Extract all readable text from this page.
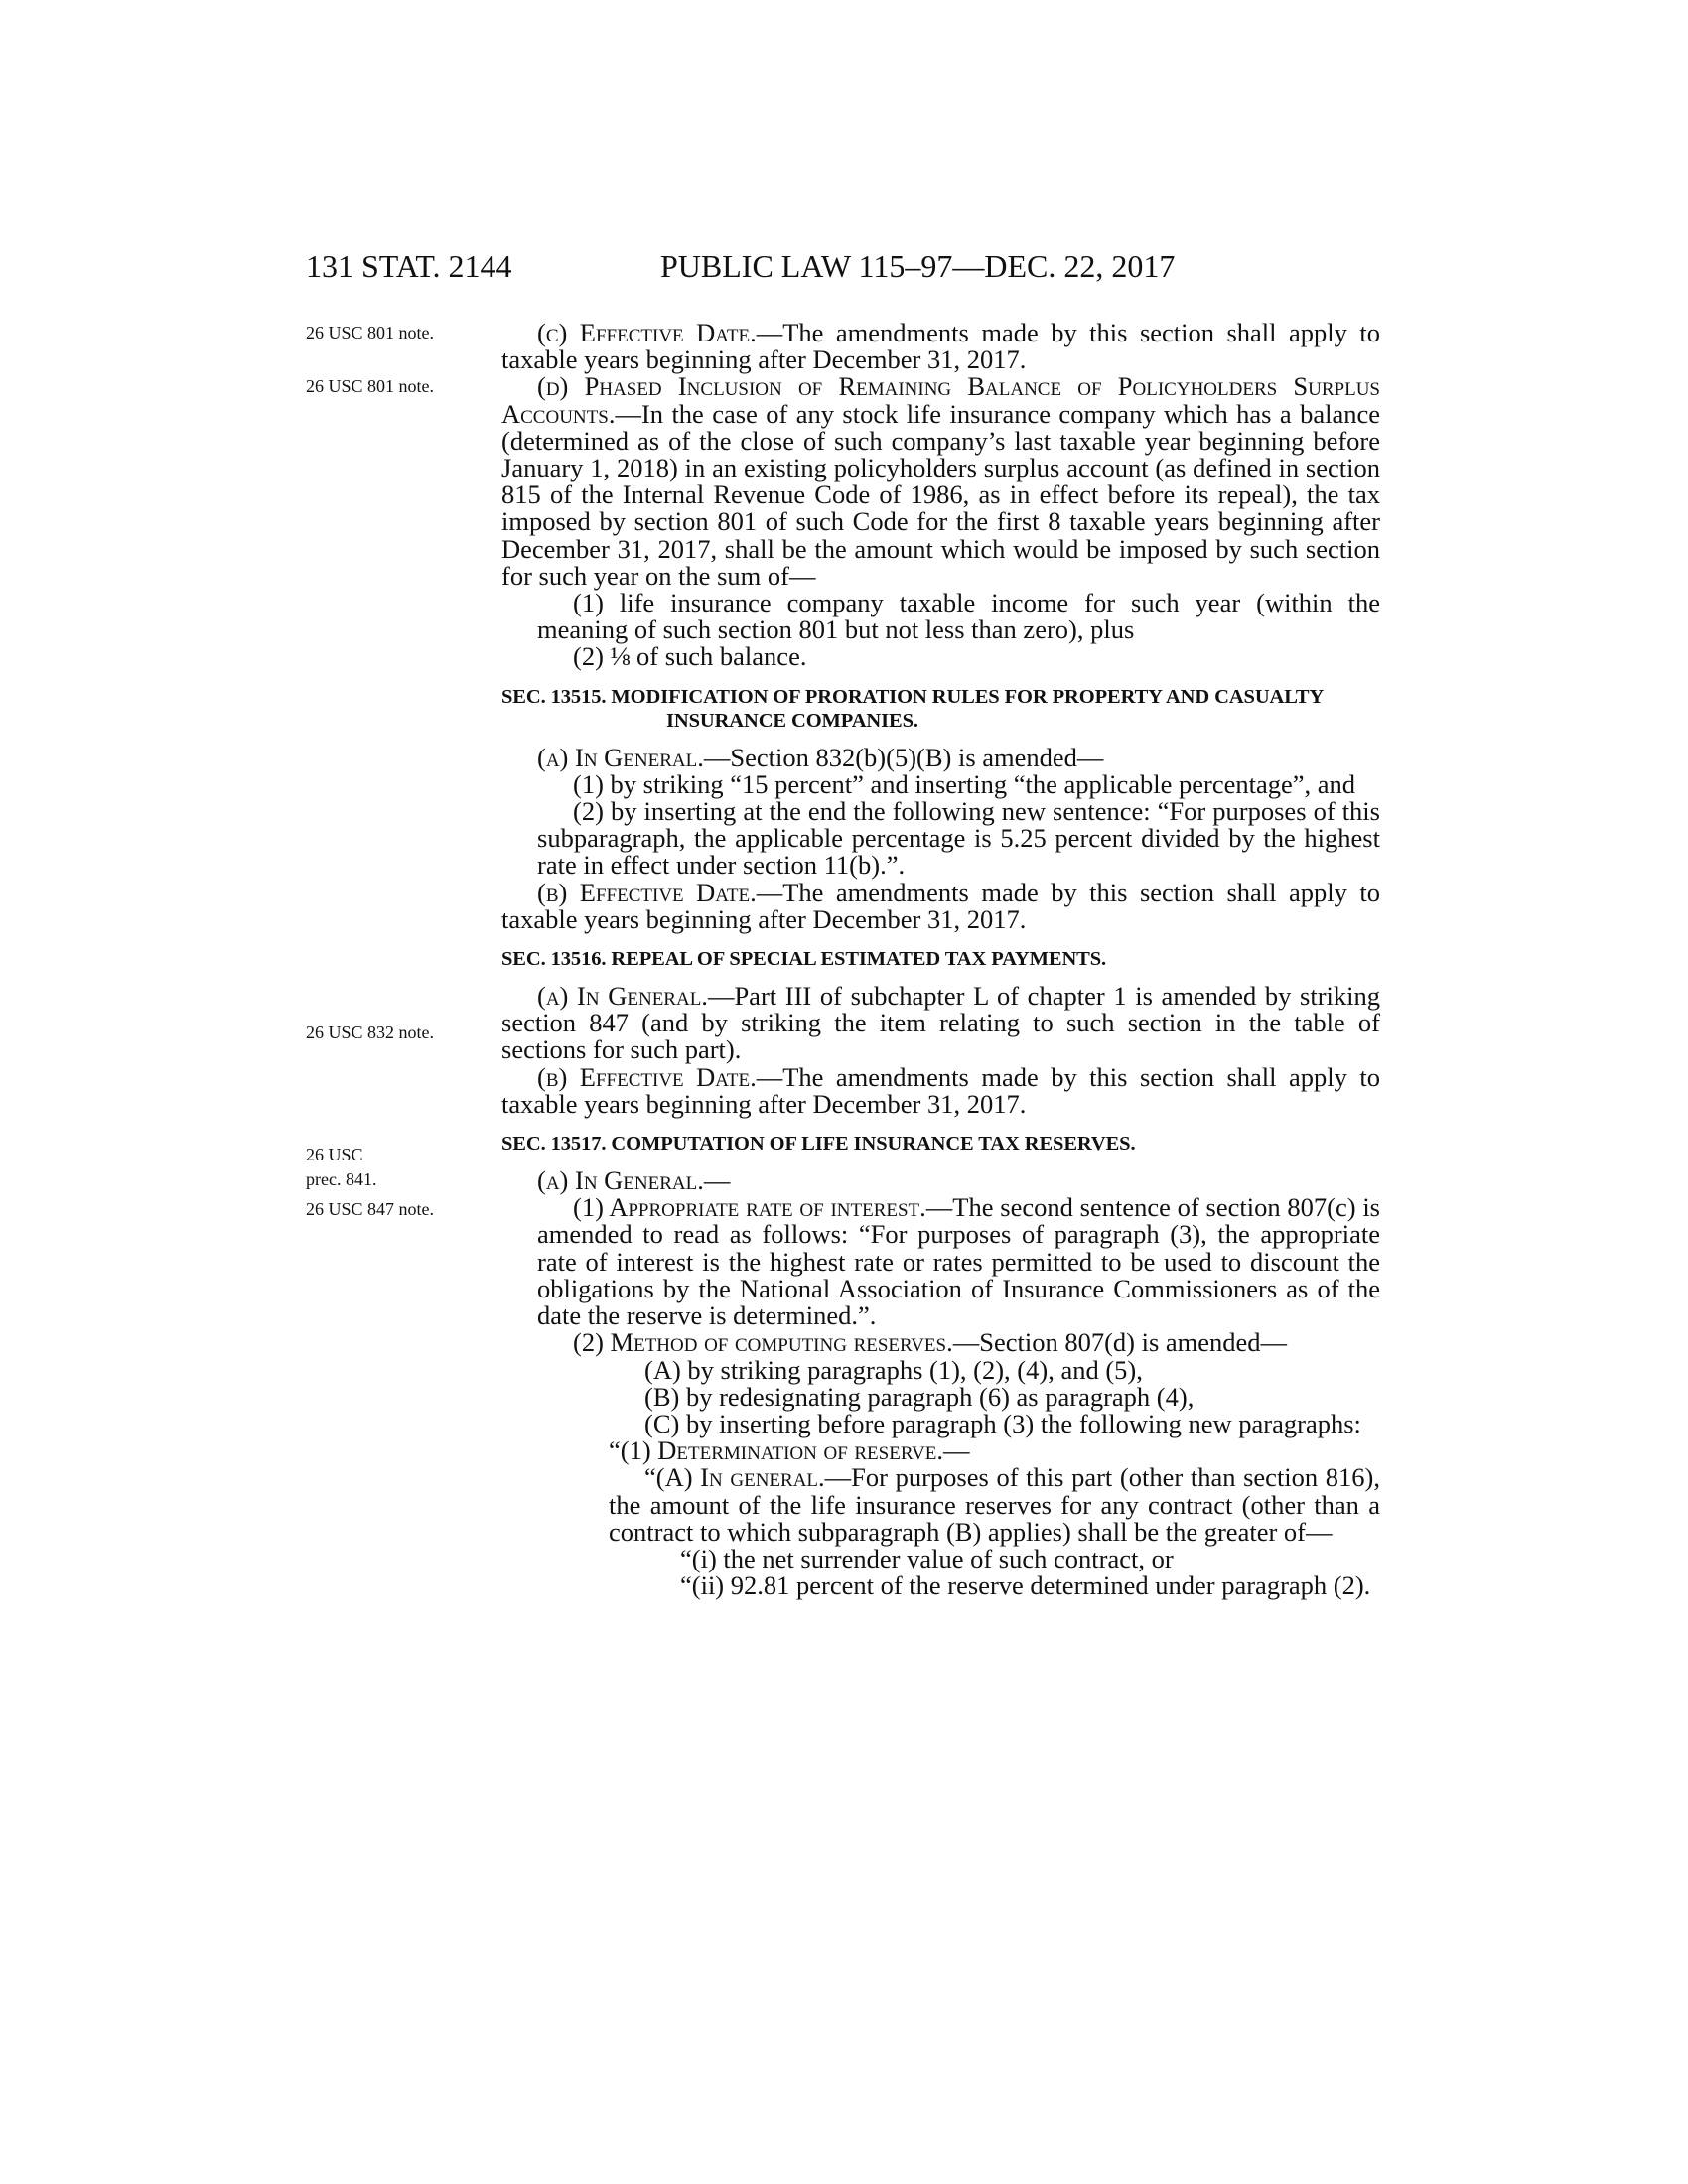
131 STAT. 2144	PUBLIC LAW 115–97—DEC. 22, 2017
26 USC 801 note.
26 USC 801 note.
26 USC 832 note.
26 USC
prec. 841.
26 USC 847 note.

(c) Effective Date.—The amendments made by this section shall apply to taxable years beginning after December 31, 2017.

(d) Phased Inclusion of Remaining Balance of Policyholders Surplus Accounts.—In the case of any stock life insurance company which has a balance (determined as of the close of such company’s last taxable year beginning before January 1, 2018) in an existing policyholders surplus account (as defined in section 815 of the Internal Revenue Code of 1986, as in effect before its repeal), the tax imposed by section 801 of such Code for the first 8 taxable years beginning after December 31, 2017, shall be the amount which would be imposed by such section for such year on the sum of—

(1) life insurance company taxable income for such year (within the meaning of such section 801 but not less than zero), plus

(2) ⅛ of such balance.

SEC. 13515. MODIFICATION OF PRORATION RULES FOR PROPERTY AND CASUALTY INSURANCE COMPANIES.

(a) In General.—Section 832(b)(5)(B) is amended—

(1) by striking “15 percent” and inserting “the applicable percentage”, and

(2) by inserting at the end the following new sentence: “For purposes of this subparagraph, the applicable percentage is 5.25 percent divided by the highest rate in effect under section 11(b).”.

(b) Effective Date.—The amendments made by this section shall apply to taxable years beginning after December 31, 2017.

SEC. 13516. REPEAL OF SPECIAL ESTIMATED TAX PAYMENTS.

(a) In General.—Part III of subchapter L of chapter 1 is amended by striking section 847 (and by striking the item relating to such section in the table of sections for such part).

(b) Effective Date.—The amendments made by this section shall apply to taxable years beginning after December 31, 2017.

SEC. 13517. COMPUTATION OF LIFE INSURANCE TAX RESERVES.

(a) In General.—

(1) Appropriate rate of interest.—The second sentence of section 807(c) is amended to read as follows: “For purposes of paragraph (3), the appropriate rate of interest is the highest rate or rates permitted to be used to discount the obligations by the National Association of Insurance Commissioners as of the date the reserve is determined.”.

(2) Method of computing reserves.—Section 807(d) is amended—

(A) by striking paragraphs (1), (2), (4), and (5),

(B) by redesignating paragraph (6) as paragraph (4),

(C) by inserting before paragraph (3) the following new paragraphs:

“(1) Determination of reserve.—

“(A) In general.—For purposes of this part (other than section 816), the amount of the life insurance reserves for any contract (other than a contract to which subparagraph (B) applies) shall be the greater of—

“(i) the net surrender value of such contract, or

“(ii) 92.81 percent of the reserve determined under paragraph (2).
